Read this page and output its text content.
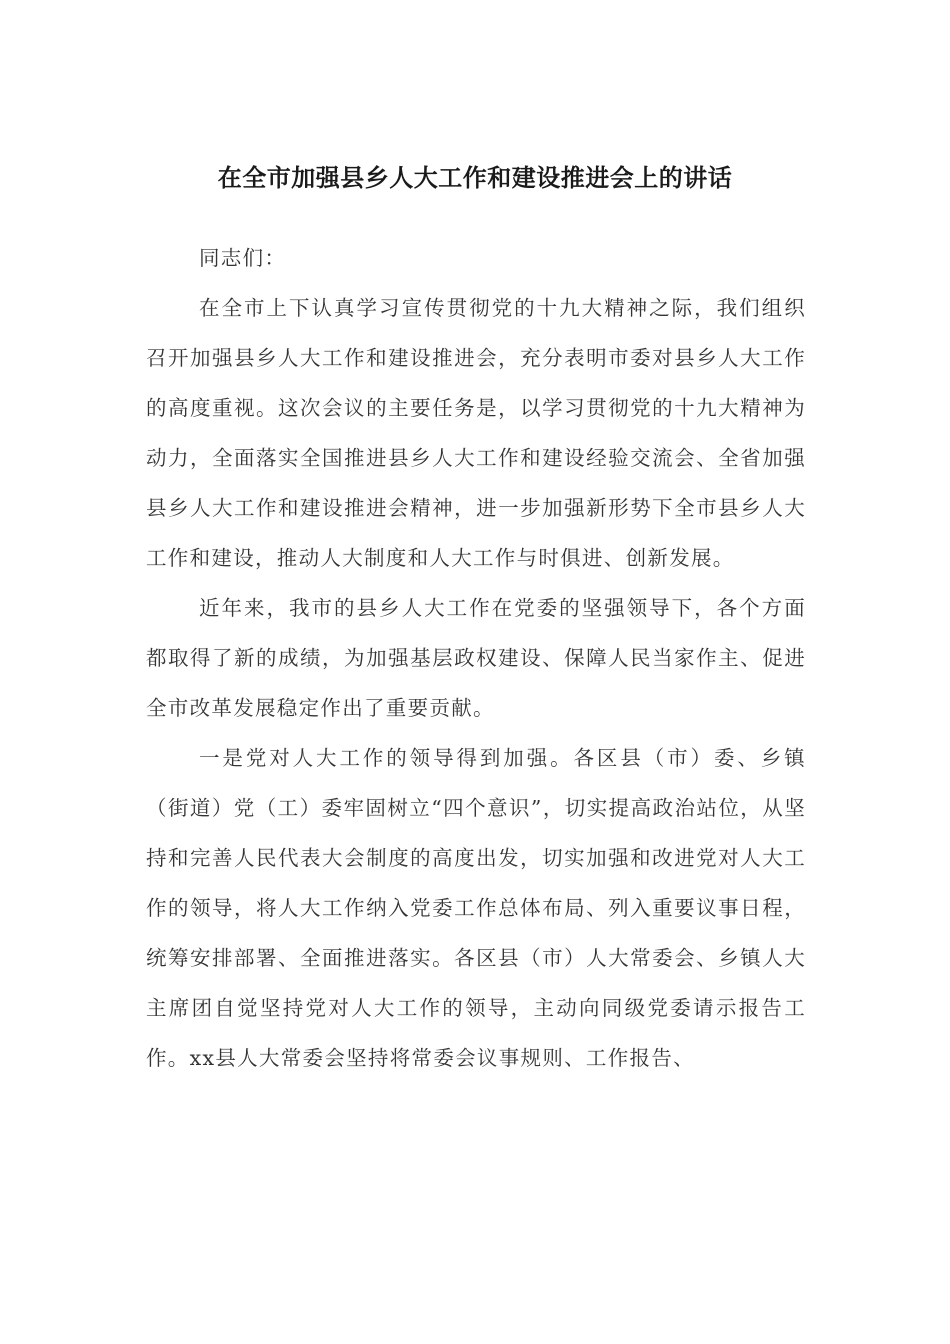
在全市加强县乡人大工作和建设推进会上的讲话

同志们：

在全市上下认真学习宣传贯彻党的十九大精神之际，我们组织召开加强县乡人大工作和建设推进会，充分表明市委对县乡人大工作的高度重视。这次会议的主要任务是，以学习贯彻党的十九大精神为动力，全面落实全国推进县乡人大工作和建设经验交流会、全省加强县乡人大工作和建设推进会精神，进一步加强新形势下全市县乡人大工作和建设，推动人大制度和人大工作与时俱进、创新发展。

近年来，我市的县乡人大工作在党委的坚强领导下，各个方面都取得了新的成绩，为加强基层政权建设、保障人民当家作主、促进全市改革发展稳定作出了重要贡献。

一是党对人大工作的领导得到加强。各区县（市）委、乡镇（街道）党（工）委牢固树立“四个意识”，切实提高政治站位，从坚持和完善人民代表大会制度的高度出发，切实加强和改进党对人大工作的领导，将人大工作纳入党委工作总体布局、列入重要议事日程，统筹安排部署、全面推进落实。各区县（市）人大常委会、乡镇人大主席团自觉坚持党对人大工作的领导，主动向同级党委请示报告工作。xx县人大常委会坚持将常委会议事规则、工作报告、
